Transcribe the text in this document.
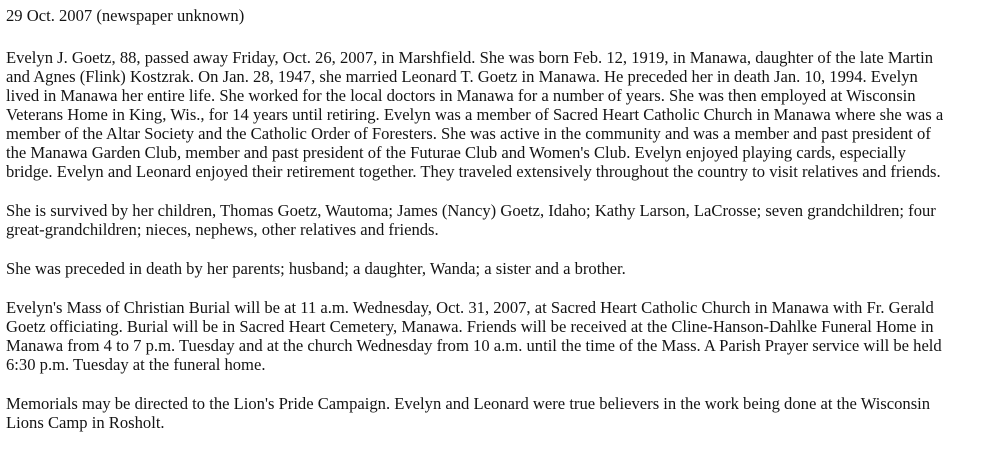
29 Oct. 2007 (newspaper unknown)
Evelyn J. Goetz, 88, passed away Friday, Oct. 26, 2007, in Marshfield. She was born Feb. 12, 1919, in Manawa, daughter of the late Martin
and Agnes (Flink) Kostzrak. On Jan. 28, 1947, she married Leonard T. Goetz in Manawa. He preceded her in death Jan. 10, 1994. Evelyn
lived in Manawa her entire life. She worked for the local doctors in Manawa for a number of years. She was then employed at Wisconsin
Veterans Home in King, Wis., for 14 years until retiring. Evelyn was a member of Sacred Heart Catholic Church in Manawa where she was a
member of the Altar Society and the Catholic Order of Foresters. She was active in the community and was a member and past president of
the Manawa Garden Club, member and past president of the Futurae Club and Women's Club. Evelyn enjoyed playing cards, especially
bridge. Evelyn and Leonard enjoyed their retirement together. They traveled extensively throughout the country to visit relatives and friends.
She is survived by her children, Thomas Goetz, Wautoma; James (Nancy) Goetz, Idaho; Kathy Larson, LaCrosse; seven grandchildren; four
great-grandchildren; nieces, nephews, other relatives and friends.
She was preceded in death by her parents; husband; a daughter, Wanda; a sister and a brother.
Evelyn's Mass of Christian Burial will be at 11 a.m. Wednesday, Oct. 31, 2007, at Sacred Heart Catholic Church in Manawa with Fr. Gerald
Goetz officiating. Burial will be in Sacred Heart Cemetery, Manawa. Friends will be received at the Cline-Hanson-Dahlke Funeral Home in
Manawa from 4 to 7 p.m. Tuesday and at the church Wednesday from 10 a.m. until the time of the Mass. A Parish Prayer service will be held
6:30 p.m. Tuesday at the funeral home.
Memorials may be directed to the Lion's Pride Campaign. Evelyn and Leonard were true believers in the work being done at the Wisconsin
Lions Camp in Rosholt.
